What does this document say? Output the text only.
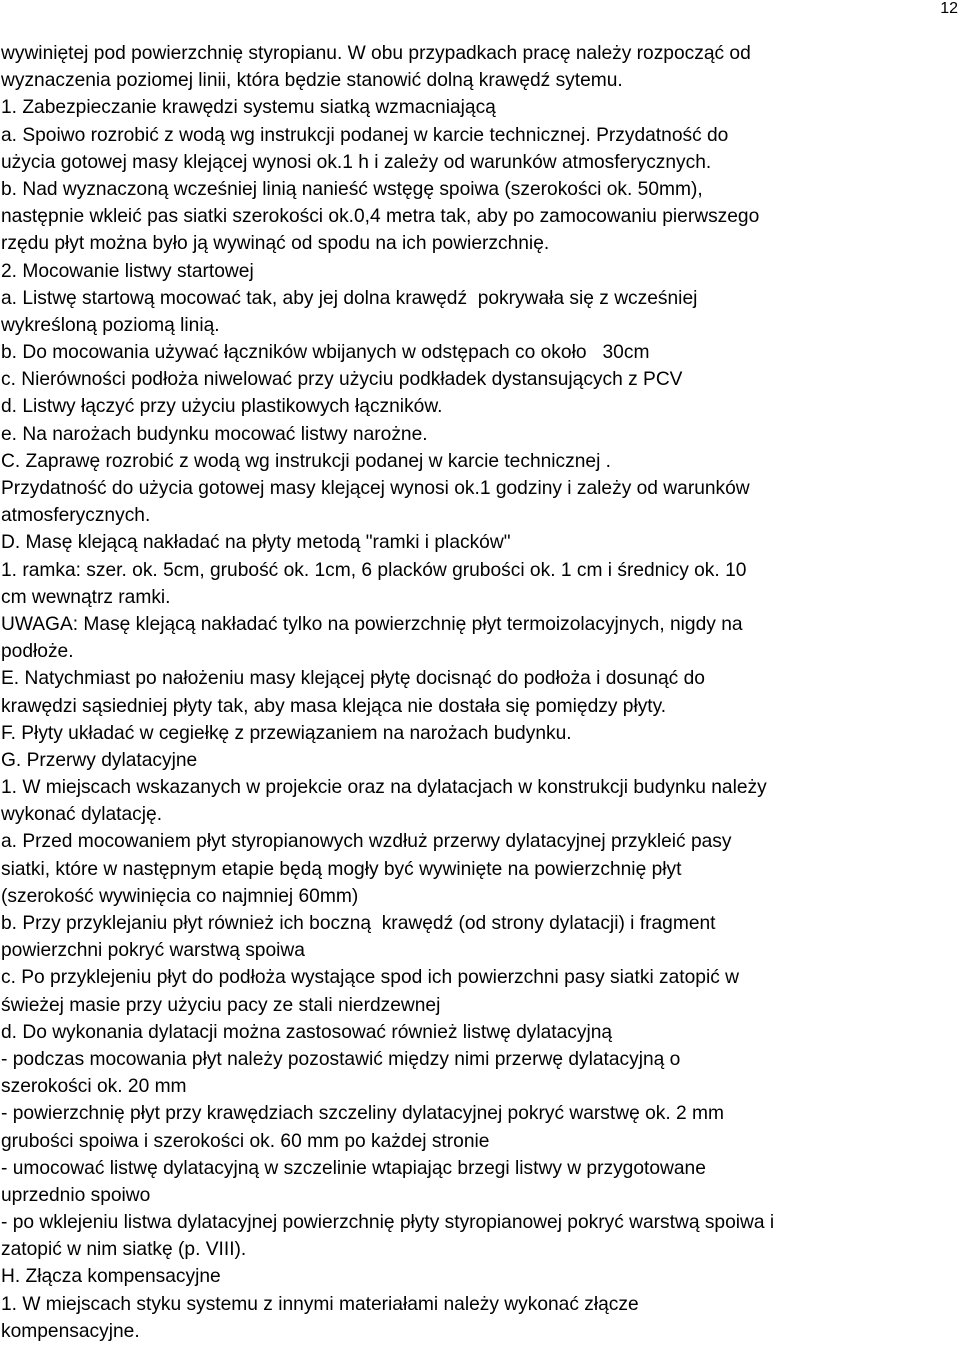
12
wywiniętej pod powierzchnię styropianu. W obu przypadkach pracę należy rozpocząć od
wyznaczenia poziomej linii, która będzie stanowić dolną krawędź sytemu.
1. Zabezpieczanie krawędzi systemu siatką wzmacniającą
a. Spoiwo rozrobić z wodą wg instrukcji podanej w karcie technicznej. Przydatność do
użycia gotowej masy klejącej wynosi ok.1 h i zależy od warunków atmosferycznych.
b. Nad wyznaczoną wcześniej linią nanieść wstęgę spoiwa (szerokości ok. 50mm),
następnie wkleić pas siatki szerokości ok.0,4 metra tak, aby po zamocowaniu pierwszego
rzędu płyt można było ją wywinąć od spodu na ich powierzchnię.
2. Mocowanie listwy startowej
a. Listwę startową mocować tak, aby jej dolna krawędź  pokrywała się z wcześniej
wykreśloną poziomą linią.
b. Do mocowania używać łączników wbijanych w odstępach co około   30cm
c. Nierówności podłoża niwelować przy użyciu podkładek dystansujących z PCV
d. Listwy łączyć przy użyciu plastikowych łączników.
e. Na narożach budynku mocować listwy narożne.
C. Zaprawę rozrobić z wodą wg instrukcji podanej w karcie technicznej .
Przydatność do użycia gotowej masy klejącej wynosi ok.1 godziny i zależy od warunków
atmosferycznych.
D. Masę klejącą nakładać na płyty metodą "ramki i placków"
1. ramka: szer. ok. 5cm, grubość ok. 1cm, 6 placków grubości ok. 1 cm i średnicy ok. 10
cm wewnątrz ramki.
UWAGA: Masę klejącą nakładać tylko na powierzchnię płyt termoizolacyjnych, nigdy na
podłoże.
E. Natychmiast po nałożeniu masy klejącej płytę docisnąć do podłoża i dosunąć do
krawędzi sąsiedniej płyty tak, aby masa klejąca nie dostała się pomiędzy płyty.
F. Płyty układać w cegiełkę z przewiązaniem na narożach budynku.
G. Przerwy dylatacyjne
1. W miejscach wskazanych w projekcie oraz na dylatacjach w konstrukcji budynku należy
wykonać dylatację.
a. Przed mocowaniem płyt styropianowych wzdłuż przerwy dylatacyjnej przykleić pasy
siatki, które w następnym etapie będą mogły być wywinięte na powierzchnię płyt
(szerokość wywinięcia co najmniej 60mm)
b. Przy przyklejaniu płyt również ich boczną  krawędź (od strony dylatacji) i fragment
powierzchni pokryć warstwą spoiwa
c. Po przyklejeniu płyt do podłoża wystające spod ich powierzchni pasy siatki zatopić w
świeżej masie przy użyciu pacy ze stali nierdzewnej
d. Do wykonania dylatacji można zastosować również listwę dylatacyjną
- podczas mocowania płyt należy pozostawić między nimi przerwę dylatacyjną o
szerokości ok. 20 mm
- powierzchnię płyt przy krawędziach szczeliny dylatacyjnej pokryć warstwę ok. 2 mm
grubości spoiwa i szerokości ok. 60 mm po każdej stronie
- umocować listwę dylatacyjną w szczelinie wtapiając brzegi listwy w przygotowane
uprzednio spoiwo
- po wklejeniu listwa dylatacyjnej powierzchnię płyty styropianowej pokryć warstwą spoiwa i
zatopić w nim siatkę (p. VIII).
H. Złącza kompensacyjne
1. W miejscach styku systemu z innymi materiałami należy wykonać złącze
kompensacyjne.
